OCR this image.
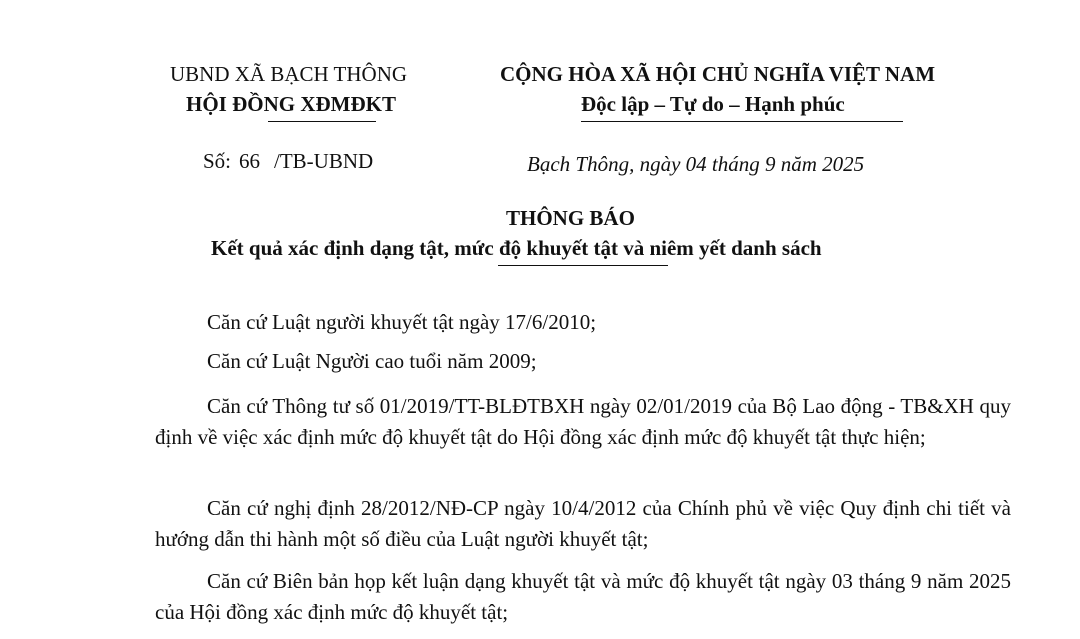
UBND XÃ BẠCH THÔNG
HỘI ĐỒNG XĐMĐKT
CỘNG HÒA XÃ HỘI CHỦ NGHĨA VIỆT NAM
Độc lập – Tự do – Hạnh phúc
Số: 66 /TB-UBND	Bạch Thông, ngày 04 tháng 9 năm 2025
THÔNG BÁO
Kết quả xác định dạng tật, mức độ khuyết tật và niêm yết danh sách
Căn cứ Luật người khuyết tật ngày 17/6/2010;
Căn cứ Luật Người cao tuổi năm 2009;
Căn cứ Thông tư số 01/2019/TT-BLĐTBXH ngày 02/01/2019 của Bộ Lao động - TB&XH quy định về việc xác định mức độ khuyết tật do Hội đồng xác định mức độ khuyết tật thực hiện;
Căn cứ nghị định 28/2012/NĐ-CP ngày 10/4/2012 của Chính phủ về việc Quy định chi tiết và hướng dẫn thi hành một số điều của Luật người khuyết tật;
Căn cứ Biên bản họp kết luận dạng khuyết tật và mức độ khuyết tật ngày 03 tháng 9 năm 2025 của Hội đồng xác định mức độ khuyết tật;
